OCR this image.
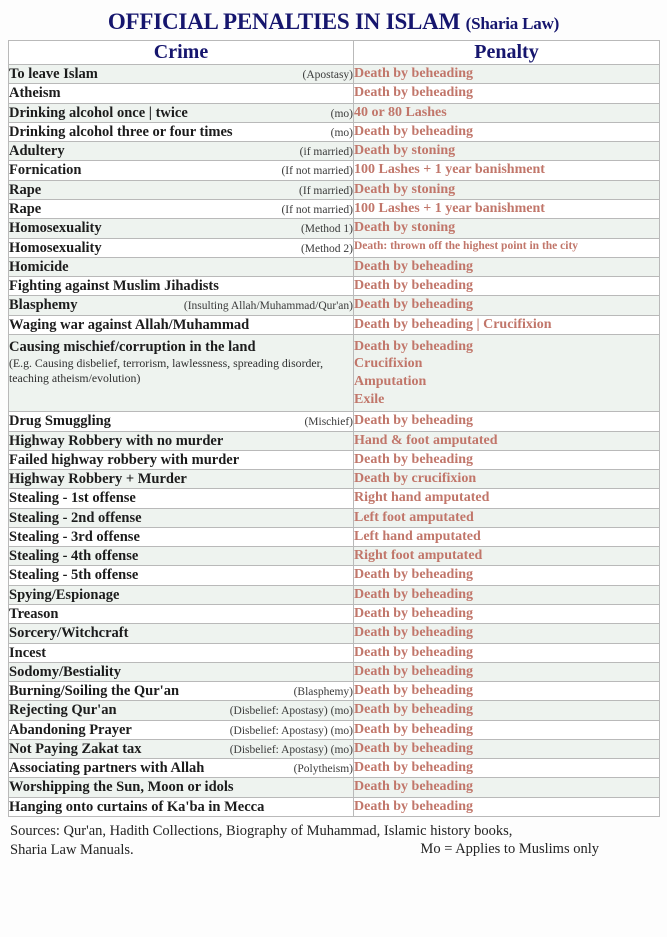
OFFICIAL PENALTIES IN ISLAM (Sharia Law)
Crime	Penalty

(Apostasy)
To leave Islam	Death by beheading

Atheism	Death by beheading

(mo)
Drinking alcohol once | twice	40 or 80 Lashes

(mo)
Drinking alcohol three or four times	Death by beheading

(if married)
Adultery	Death by stoning

(If not married)
Fornication	100 Lashes + 1 year banishment

(If married)
Rape	Death by stoning

(If not married)
Rape	100 Lashes + 1 year banishment

(Method 1)
Homosexuality	Death by stoning

(Method 2)
Homosexuality	Death: thrown off the highest point in the city

Homicide	Death by beheading

Fighting against Muslim Jihadists	Death by beheading

(Insulting Allah/Muhammad/Qur'an)
Blasphemy	Death by beheading

Waging war against Allah/Muhammad	Death by beheading | Crucifixion

Causing mischief/corruption in the land
(E.g. Causing disbelief, terrorism, lawlessness, spreading disorder, teaching atheism/evolution)	Death by beheading
Crucifixion
Amputation
Exile

(Mischief)
Drug Smuggling	Death by beheading

Highway Robbery with no murder	Hand & foot amputated

Failed highway robbery with murder	Death by beheading

Highway Robbery + Murder	Death by crucifixion

Stealing - 1st offense	Right hand amputated

Stealing - 2nd offense	Left foot amputated

Stealing - 3rd offense	Left hand amputated

Stealing - 4th offense	Right foot amputated

Stealing - 5th offense	Death by beheading

Spying/Espionage	Death by beheading

Treason	Death by beheading

Sorcery/Witchcraft	Death by beheading

Incest	Death by beheading

Sodomy/Bestiality	Death by beheading

(Blasphemy)
Burning/Soiling the Qur'an	Death by beheading

(Disbelief: Apostasy) (mo)
Rejecting Qur'an	Death by beheading

(Disbelief: Apostasy) (mo)
Abandoning Prayer	Death by beheading

(Disbelief: Apostasy) (mo)
Not Paying Zakat tax	Death by beheading

(Polytheism)
Associating partners with Allah	Death by beheading

Worshipping the Sun, Moon or idols	Death by beheading

Hanging onto curtains of Ka'ba in Mecca	Death by beheading
Sources: Qur'an, Hadith Collections, Biography of Muhammad, Islamic history books,
Sharia Law Manuals.	Mo = Applies to Muslims only
